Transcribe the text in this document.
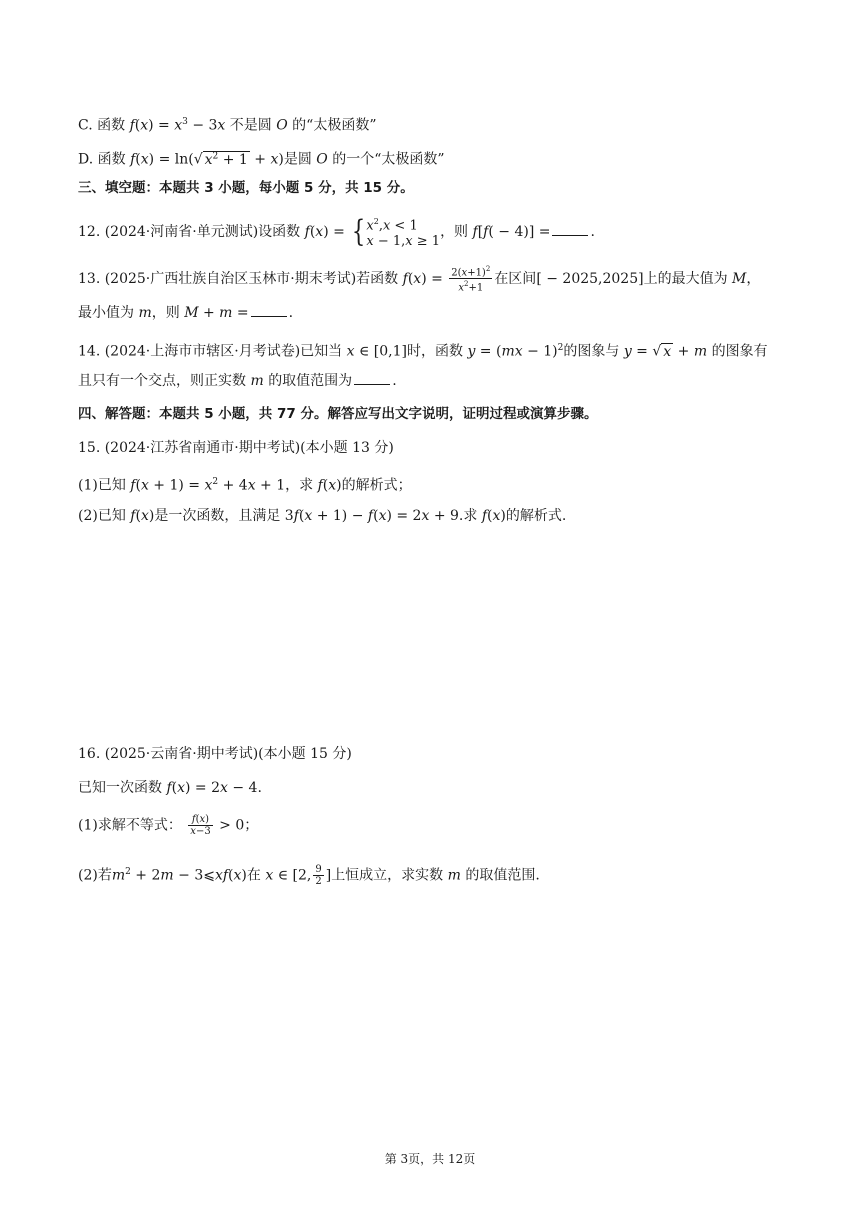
C. 函数 $f(x) = x^3 - 3x$ 不是圆 O 的“太极函数”
D. 函数 f(x) = ln(√ $x^2 + 1 + x$)是圆 O 的一个“太极函数”
三、填空题：本题共 3 小题，每小题 5 分，共 15 分。
12. (2024·河南省·单元测试)设函数 f(x) = { $x^2,x < 1$
x − 1,x ≥ 1
，则 f[f( − 4)] =	.
13. (2025·广西壮族自治区玉林市·期末考试)若函数 $f(x) = \frac{2(x+1)^2}{x^2+1}$ 在区间[ − 2025,2025]上的最大值为 M，
最小值为 m，则 M + m =	.
14. (2024·上海市市辖区·月考试卷)已知当 x ∈ [0,1]时，函数 y = (mx − 1)$^2$的图象与 y = √ x + m 的图象有
且只有一个交点，则正实数 m 的取值范围为	.
四、解答题：本题共 5 小题，共 77 分。解答应写出文字说明，证明过程或演算步骤。
15. (2024·江苏省南通市·期中考试)(本小题 13 分)
(1)已知 $f(x + 1) = x^2 + 4x + 1$，求 f(x)的解析式；
(2)已知 f(x)是一次函数，且满足 3f(x + 1) − f(x) = 2x + 9.求 f(x)的解析式.
16. (2025·云南省·期中考试)(本小题 15 分)
已知一次函数 f(x) = 2x − 4.
(1)求解不等式： $\frac{f(x)}{x-3} > 0$；
(2)若$m^2 + 2m$ − 3⩽xf(x)在 x ∈ [2, $\frac{9}{2}$ ]上恒成立，求实数 m 的取值范围.
第 3页，共 12页
